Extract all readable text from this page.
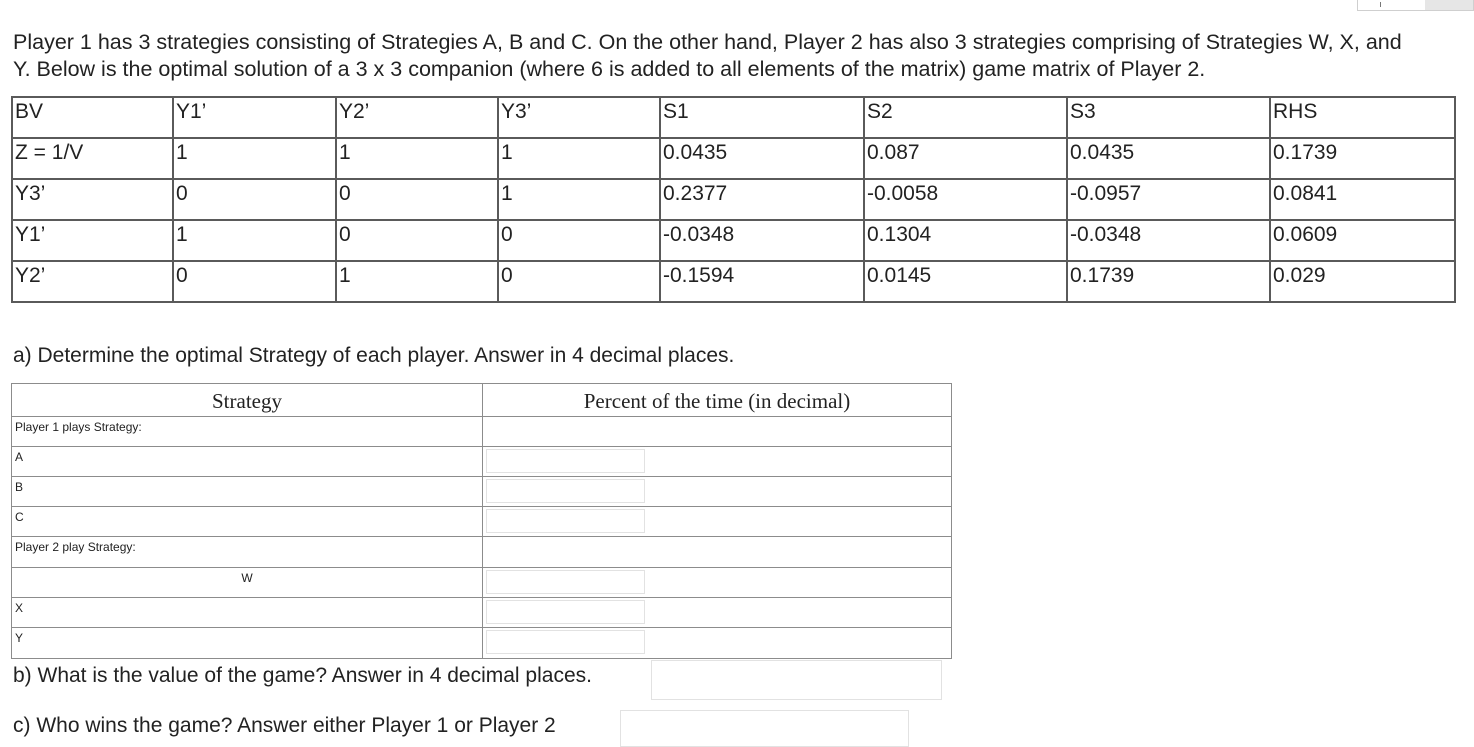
Player 1 has 3 strategies consisting of Strategies A, B and C. On the other hand, Player 2 has also 3 strategies comprising of Strategies W, X, and
Y. Below is the optimal solution of a 3 x 3 companion (where 6 is added to all elements of the matrix) game matrix of Player 2.
BV	Y1’	Y2’	Y3’	S1	S2	S3	RHS
Z = 1/V	1	1	1	0.0435	0.087	0.0435	0.1739
Y3’	0	0	1	0.2377	-0.0058	-0.0957	0.0841
Y1’	1	0	0	-0.0348	0.1304	-0.0348	0.0609
Y2’	0	1	0	-0.1594	0.0145	0.1739	0.029
a) Determine the optimal Strategy of each player. Answer in 4 decimal places.
Strategy	Percent of the time (in decimal)

Player 1 plays Strategy:	

A

B

C

Player 2 play Strategy:	

W

X

Y

b) What is the value of the game? Answer in 4 decimal places.
c) Who wins the game? Answer either Player 1 or Player 2
